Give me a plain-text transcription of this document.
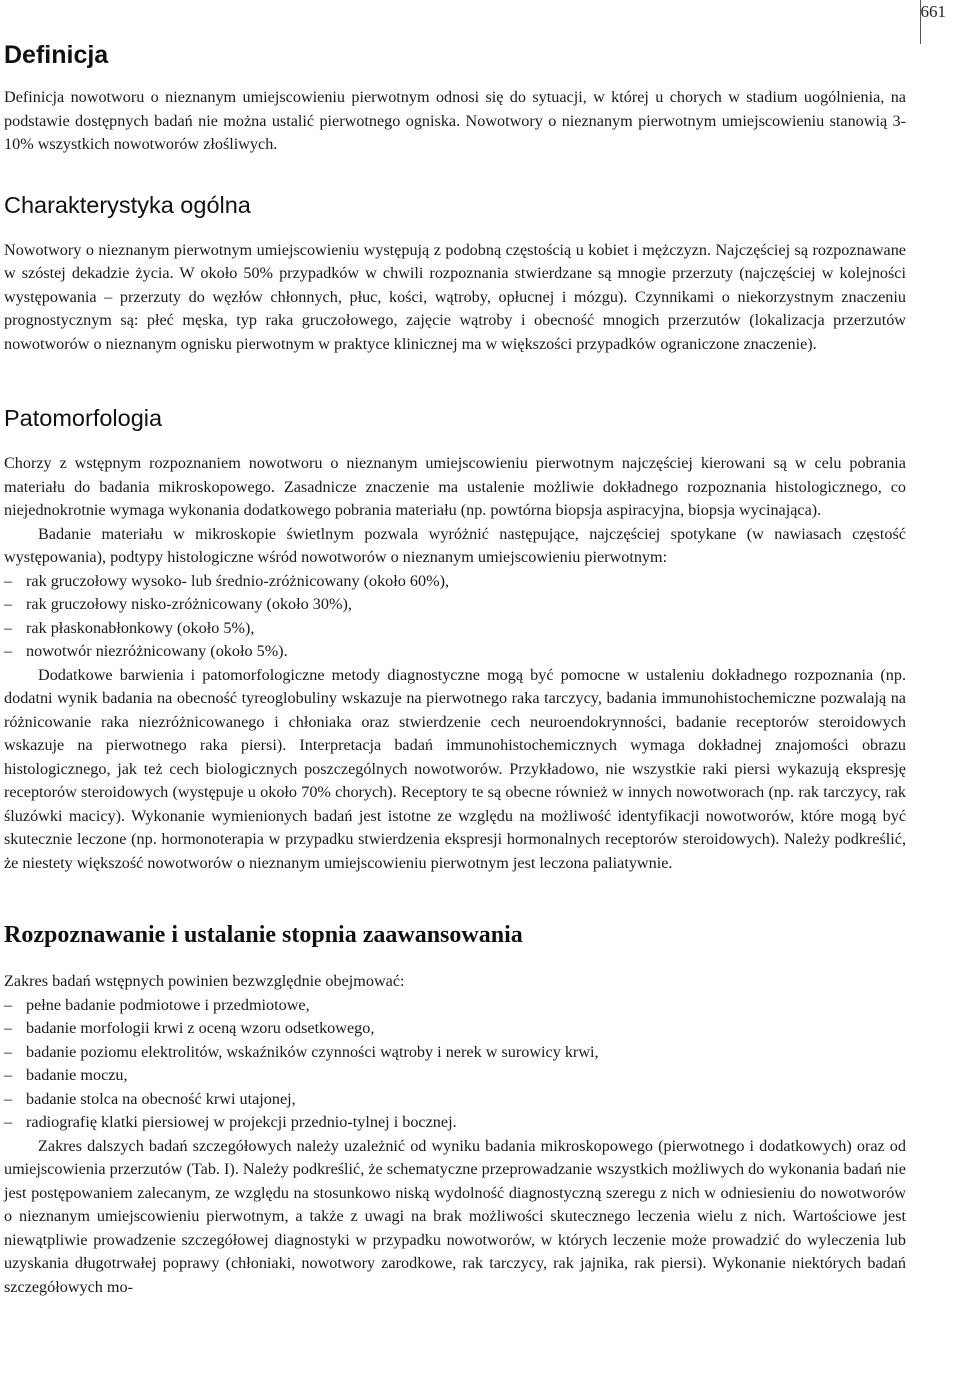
661
Definicja

Definicja nowotworu o nieznanym umiejscowieniu pierwotnym odnosi się do sytuacji, w której u chorych w stadium uogólnienia, na podstawie dostępnych badań nie można ustalić pierwotnego ogniska. Nowotwory o nieznanym pierwotnym umiejscowieniu stanowią 3-10% wszystkich nowotworów złośliwych.

Charakterystyka ogólna

Nowotwory o nieznanym pierwotnym umiejscowieniu występują z podobną częstością u kobiet i mężczyzn. Najczęściej są rozpoznawane w szóstej dekadzie życia. W około 50% przypadków w chwili rozpoznania stwierdzane są mnogie przerzuty (najczęściej w kolejności występowania – przerzuty do węzłów chłonnych, płuc, kości, wątroby, opłucnej i mózgu). Czynnikami o niekorzystnym znaczeniu prognostycznym są: płeć męska, typ raka gruczołowego, zajęcie wątroby i obecność mnogich przerzutów (lokalizacja przerzutów nowotworów o nieznanym ognisku pierwotnym w praktyce klinicznej ma w większości przypadków ograniczone znaczenie).

Patomorfologia

Chorzy z wstępnym rozpoznaniem nowotworu o nieznanym umiejscowieniu pierwotnym najczęściej kierowani są w celu pobrania materiału do badania mikroskopowego. Zasadnicze znaczenie ma ustalenie możliwie dokładnego rozpoznania histologicznego, co niejednokrotnie wymaga wykonania dodatkowego pobrania materiału (np. powtórna biopsja aspiracyjna, biopsja wycinająca).

Badanie materiału w mikroskopie świetlnym pozwala wyróżnić następujące, najczęściej spotykane (w nawiasach częstość występowania), podtypy histologiczne wśród nowotworów o nieznanym umiejscowieniu pierwotnym:

– rak gruczołowy wysoko- lub średnio-zróżnicowany (około 60%),
– rak gruczołowy nisko-zróżnicowany (około 30%),
– rak płaskonabłonkowy (około 5%),
– nowotwór niezróżnicowany (około 5%).

Dodatkowe barwienia i patomorfologiczne metody diagnostyczne mogą być pomocne w ustaleniu dokładnego rozpoznania (np. dodatni wynik badania na obecność tyreoglobuliny wskazuje na pierwotnego raka tarczycy, badania immunohistochemiczne pozwalają na różnicowanie raka niezróżnicowanego i chłoniaka oraz stwierdzenie cech neuroendokrynności, badanie receptorów steroidowych wskazuje na pierwotnego raka piersi). Interpretacja badań immunohistochemicznych wymaga dokładnej znajomości obrazu histologicznego, jak też cech biologicznych poszczególnych nowotworów. Przykładowo, nie wszystkie raki piersi wykazują ekspresję receptorów steroidowych (występuje u około 70% chorych). Receptory te są obecne również w innych nowotworach (np. rak tarczycy, rak śluzówki macicy). Wykonanie wymienionych badań jest istotne ze względu na możliwość identyfikacji nowotworów, które mogą być skutecznie leczone (np. hormonoterapia w przypadku stwierdzenia ekspresji hormonalnych receptorów steroidowych). Należy podkreślić, że niestety większość nowotworów o nieznanym umiejscowieniu pierwotnym jest leczona paliatywnie.

Rozpoznawanie i ustalanie stopnia zaawansowania

Zakres badań wstępnych powinien bezwzględnie obejmować:

– pełne badanie podmiotowe i przedmiotowe,
– badanie morfologii krwi z oceną wzoru odsetkowego,
– badanie poziomu elektrolitów, wskaźników czynności wątroby i nerek w surowicy krwi,
– badanie moczu,
– badanie stolca na obecność krwi utajonej,
– radiografię klatki piersiowej w projekcji przednio-tylnej i bocznej.

Zakres dalszych badań szczegółowych należy uzależnić od wyniku badania mikroskopowego (pierwotnego i dodatkowych) oraz od umiejscowienia przerzutów (Tab. I). Należy podkreślić, że schematyczne przeprowadzanie wszystkich możliwych do wykonania badań nie jest postępowaniem zalecanym, ze względu na stosunkowo niską wydolność diagnostyczną szeregu z nich w odniesieniu do nowotworów o nieznanym umiejscowieniu pierwotnym, a także z uwagi na brak możliwości skutecznego leczenia wielu z nich. Wartościowe jest niewątpliwie prowadzenie szczegółowej diagnostyki w przypadku nowotworów, w których leczenie może prowadzić do wyleczenia lub uzyskania długotrwałej poprawy (chłoniaki, nowotwory zarodkowe, rak tarczycy, rak jajnika, rak piersi). Wykonanie niektórych badań szczegółowych mo-
